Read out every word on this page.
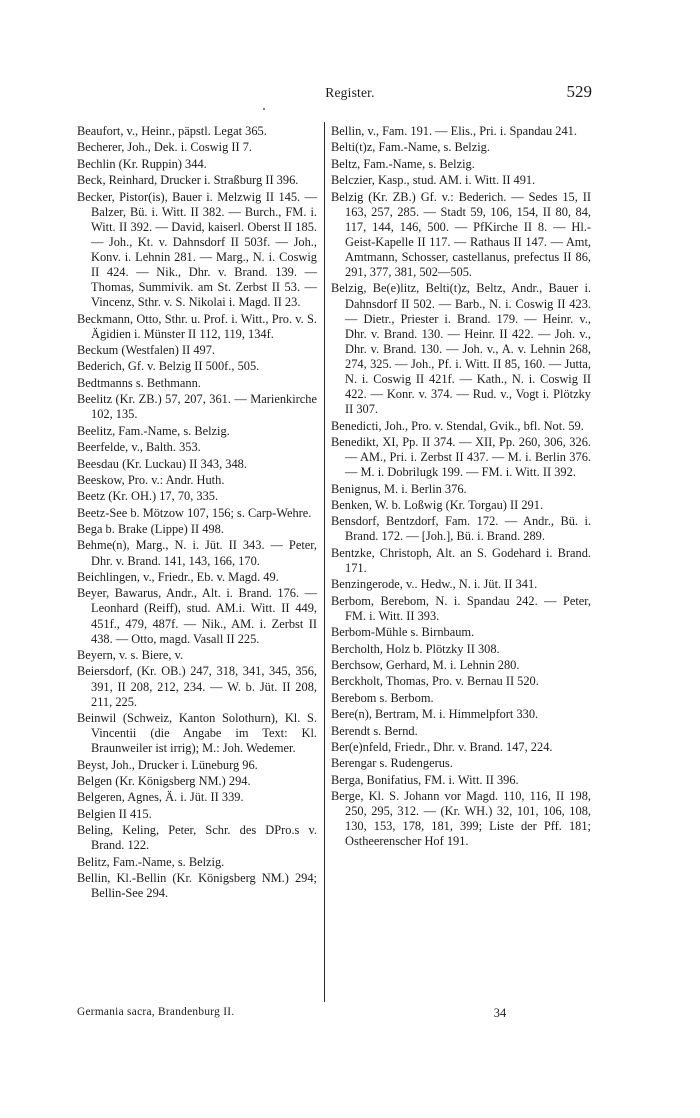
Register.	529

Beaufort, v., Heinr., päpstl. Legat 365.

Becherer, Joh., Dek. i. Coswig II 7.

Bechlin (Kr. Ruppin) 344.

Beck, Reinhard, Drucker i. Straßburg II 396.

Becker, Pistor(is), Bauer i. Melzwig II 145. — Balzer, Bü. i. Witt. II 382. — Burch., FM. i. Witt. II 392. — David, kaiserl. Oberst II 185. — Joh., Kt. v. Dahnsdorf II 503f. — Joh., Konv. i. Lehnin 281. — Marg., N. i. Coswig II 424. — Nik., Dhr. v. Brand. 139. — Thomas, Summivik. am St. Zerbst II 53. — Vincenz, Sthr. v. S. Nikolai i. Magd. II 23.

Beckmann, Otto, Sthr. u. Prof. i. Witt., Pro. v. S. Ägidien i. Münster II 112, 119, 134f.

Beckum (Westfalen) II 497.

Bederich, Gf. v. Belzig II 500f., 505.

Bedtmanns s. Bethmann.

Beelitz (Kr. ZB.) 57, 207, 361. — Marienkirche 102, 135.

Beelitz, Fam.-Name, s. Belzig.

Beerfelde, v., Balth. 353.

Beesdau (Kr. Luckau) II 343, 348.

Beeskow, Pro. v.: Andr. Huth.

Beetz (Kr. OH.) 17, 70, 335.

Beetz-See b. Mötzow 107, 156; s. Carp-Wehre.

Bega b. Brake (Lippe) II 498.

Behme(n), Marg., N. i. Jüt. II 343. — Peter, Dhr. v. Brand. 141, 143, 166, 170.

Beichlingen, v., Friedr., Eb. v. Magd. 49.

Beyer, Bawarus, Andr., Alt. i. Brand. 176. — Leonhard (Reiff), stud. AM.i. Witt. II 449, 451f., 479, 487f. — Nik., AM. i. Zerbst II 438. — Otto, magd. Vasall II 225.

Beyern, v. s. Biere, v.

Beiersdorf, (Kr. OB.) 247, 318, 341, 345, 356, 391, II 208, 212, 234. — W. b. Jüt. II 208, 211, 225.

Beinwil (Schweiz, Kanton Solothurn), Kl. S. Vincentii (die Angabe im Text: Kl. Braunweiler ist irrig); M.: Joh. Wedemer.

Beyst, Joh., Drucker i. Lüneburg 96.

Belgen (Kr. Königsberg NM.) 294.

Belgeren, Agnes, Ä. i. Jüt. II 339.

Belgien II 415.

Beling, Keling, Peter, Schr. des DPro.s v. Brand. 122.

Belitz, Fam.-Name, s. Belzig.

Bellin, Kl.-Bellin (Kr. Königsberg NM.) 294; Bellin-See 294.

Bellin, v., Fam. 191. — Elis., Pri. i. Spandau 241.

Belti(t)z, Fam.-Name, s. Belzig.

Beltz, Fam.-Name, s. Belzig.

Belczier, Kasp., stud. AM. i. Witt. II 491.

Belzig (Kr. ZB.) Gf. v.: Bederich. — Sedes 15, II 163, 257, 285. — Stadt 59, 106, 154, II 80, 84, 117, 144, 146, 500. — PfKirche II 8. — Hl.-Geist-Kapelle II 117. — Rathaus II 147. — Amt, Amtmann, Schosser, castellanus, prefectus II 86, 291, 377, 381, 502—505.

Belzig, Be(e)litz, Belti(t)z, Beltz, Andr., Bauer i. Dahnsdorf II 502. — Barb., N. i. Coswig II 423. — Dietr., Priester i. Brand. 179. — Heinr. v., Dhr. v. Brand. 130. — Heinr. II 422. — Joh. v., Dhr. v. Brand. 130. — Joh. v., A. v. Lehnin 268, 274, 325. — Joh., Pf. i. Witt. II 85, 160. — Jutta, N. i. Coswig II 421f. — Kath., N. i. Coswig II 422. — Konr. v. 374. — Rud. v., Vogt i. Plötzky II 307.

Benedicti, Joh., Pro. v. Stendal, Gvik., bfl. Not. 59.

Benedikt, XI, Pp. II 374. — XII, Pp. 260, 306, 326. — AM., Pri. i. Zerbst II 437. — M. i. Berlin 376. — M. i. Dobrilugk 199. — FM. i. Witt. II 392.

Benignus, M. i. Berlin 376.

Benken, W. b. Loßwig (Kr. Torgau) II 291.

Bensdorf, Bentzdorf, Fam. 172. — Andr., Bü. i. Brand. 172. — [Joh.], Bü. i. Brand. 289.

Bentzke, Christoph, Alt. an S. Godehard i. Brand. 171.

Benzingerode, v.. Hedw., N. i. Jüt. II 341.

Berbom, Berebom, N. i. Spandau 242. — Peter, FM. i. Witt. II 393.

Berbom-Mühle s. Birnbaum.

Bercholth, Holz b. Plötzky II 308.

Berchsow, Gerhard, M. i. Lehnin 280.

Berckholt, Thomas, Pro. v. Bernau II 520.

Berebom s. Berbom.

Bere(n), Bertram, M. i. Himmelpfort 330.

Berendt s. Bernd.

Ber(e)nfeld, Friedr., Dhr. v. Brand. 147, 224.

Berengar s. Rudengerus.

Berga, Bonifatius, FM. i. Witt. II 396.

Berge, Kl. S. Johann vor Magd. 110, 116, II 198, 250, 295, 312. — (Kr. WH.) 32, 101, 106, 108, 130, 153, 178, 181, 399; Liste der Pff. 181; Ostheerenscher Hof 191.

Germania sacra, Brandenburg II.	34
